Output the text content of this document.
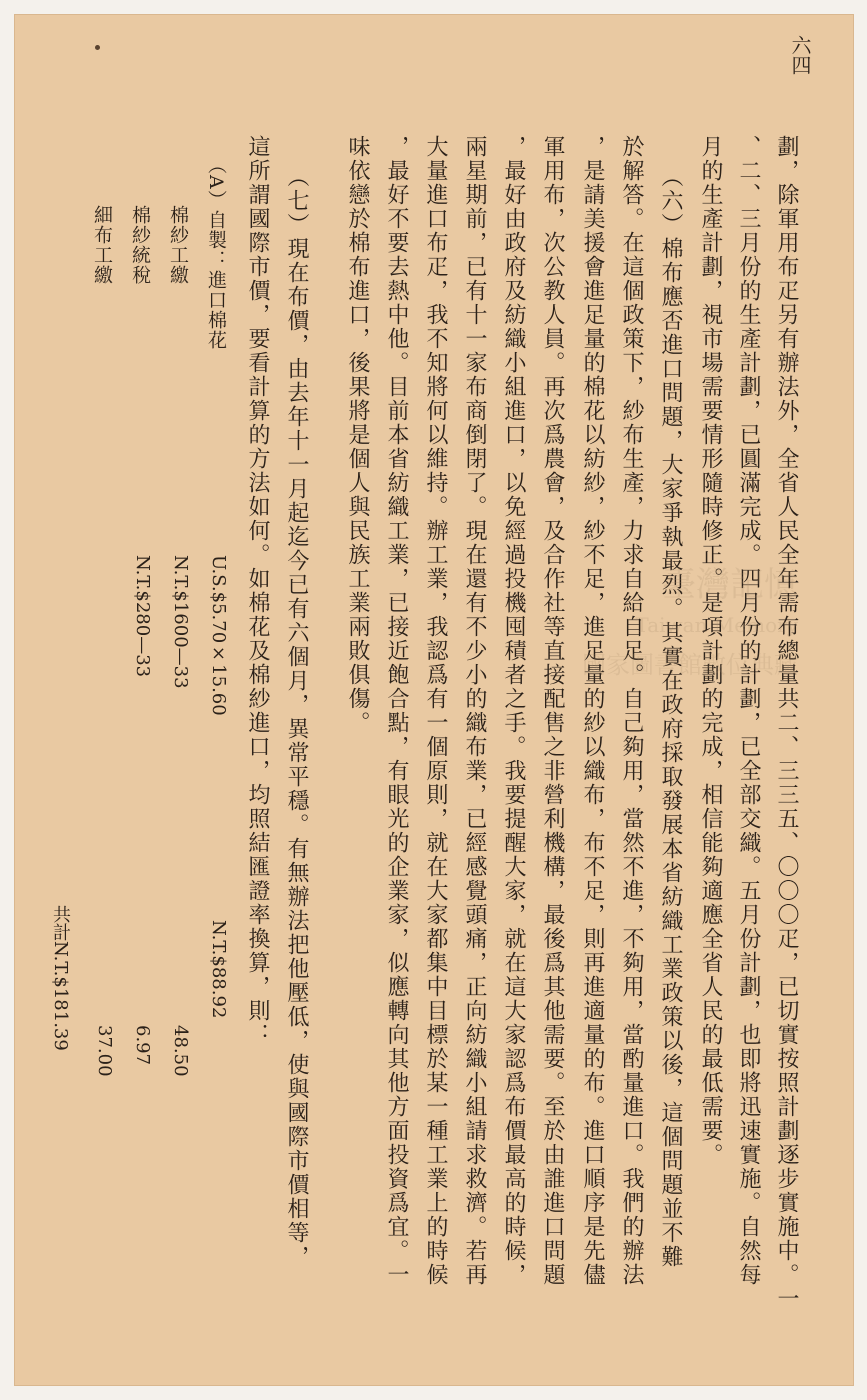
六四
劃，除軍用布疋另有辦法外，全省人民全年需布總量共二、三三五、〇〇〇疋，已切實按照計劃逐步實施中。一
、二、三月份的生產計劃，已圓滿完成。四月份的計劃，已全部交織。五月份計劃，也即將迅速實施。自然每
月的生產計劃，視市場需要情形隨時修正。是項計劃的完成，相信能夠適應全省人民的最低需要。
（六）棉布應否進口問題，大家爭執最烈。其實在政府採取發展本省紡織工業政策以後，這個問題並不難
於解答。在這個政策下，紗布生產，力求自給自足。自己夠用，當然不進，不夠用，當酌量進口。我們的辦法
，是請美援會進足量的棉花以紡紗，紗不足，進足量的紗以織布，布不足，則再進適量的布。進口順序是先儘
軍用布，次公教人員。再次爲農會，及合作社等直接配售之非營利機構，最後爲其他需要。至於由誰進口問題
，最好由政府及紡織小組進口，以免經過投機囤積者之手。我要提醒大家，就在這大家認爲布價最高的時候，
兩星期前，已有十一家布商倒閉了。現在還有不少小的織布業，已經感覺頭痛，正向紡織小組請求救濟。若再
大量進口布疋，我不知將何以維持。辦工業，我認爲有一個原則，就在大家都集中目標於某一種工業上的時候
，最好不要去熱中他。目前本省紡織工業，已接近飽合點，有眼光的企業家，似應轉向其他方面投資爲宜。一
味依戀於棉布進口，後果將是個人與民族工業兩敗俱傷。
（七）現在布價，由去年十一月起迄今已有六個月，異常平穩。有無辦法把他壓低，使與國際市價相等，
這所謂國際市價，要看計算的方法如何。如棉花及棉紗進口，均照結匯證率換算，則：
（A）自製：進口棉花
U.S.$5.70×15.60
N.T.$88.92
棉紗工繳
N.T.$1600—33
48.50
棉紗統稅
N.T.$280—33
6.97
細布工繳
37.00
共計N.T.$181.39
臺灣記憶
Taiwan Memory
國家圖書館數位典藏
